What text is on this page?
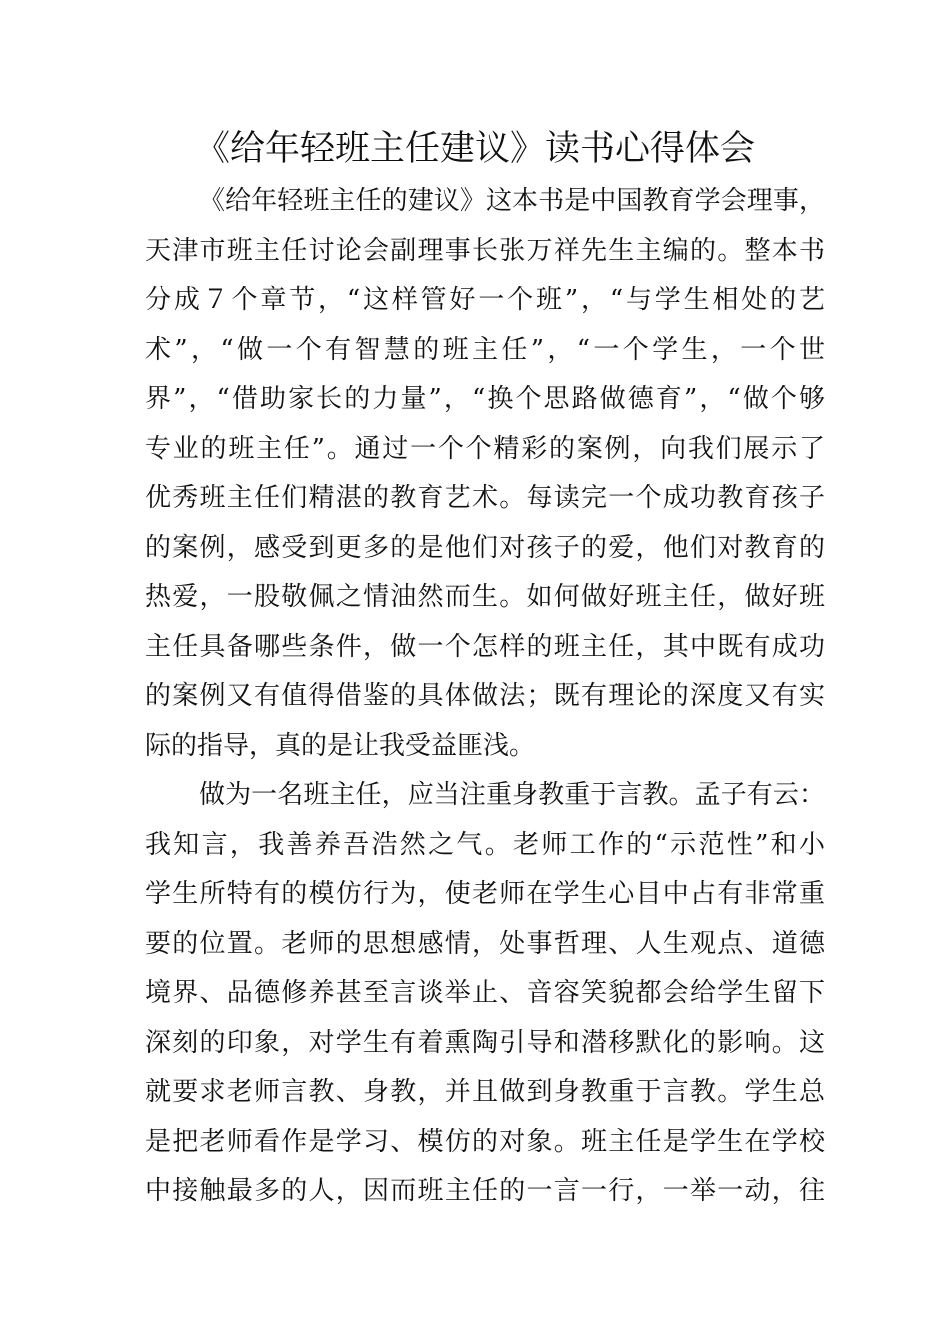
《给年轻班主任建议》读书心得体会
《给年轻班主任的建议》这本书是中国教育学会理事，
天津市班主任讨论会副理事长张万祥先生主编的。整本书
分成７个章节，“这样管好一个班”，“与学生相处的艺
术”，“做一个有智慧的班主任”，“一个学生，一个世
界”，“借助家长的力量”，“换个思路做德育”，“做个够
专业的班主任”。通过一个个精彩的案例，向我们展示了
优秀班主任们精湛的教育艺术。每读完一个成功教育孩子
的案例，感受到更多的是他们对孩子的爱，他们对教育的
热爱，一股敬佩之情油然而生。如何做好班主任，做好班
主任具备哪些条件，做一个怎样的班主任，其中既有成功
的案例又有值得借鉴的具体做法；既有理论的深度又有实
际的指导，真的是让我受益匪浅。
做为一名班主任，应当注重身教重于言教。孟子有云：
我知言，我善养吾浩然之气。老师工作的“示范性”和小
学生所特有的模仿行为，使老师在学生心目中占有非常重
要的位置。老师的思想感情，处事哲理、人生观点、道德
境界、品德修养甚至言谈举止、音容笑貌都会给学生留下
深刻的印象，对学生有着熏陶引导和潜移默化的影响。这
就要求老师言教、身教，并且做到身教重于言教。学生总
是把老师看作是学习、模仿的对象。班主任是学生在学校
中接触最多的人，因而班主任的一言一行，一举一动，往
